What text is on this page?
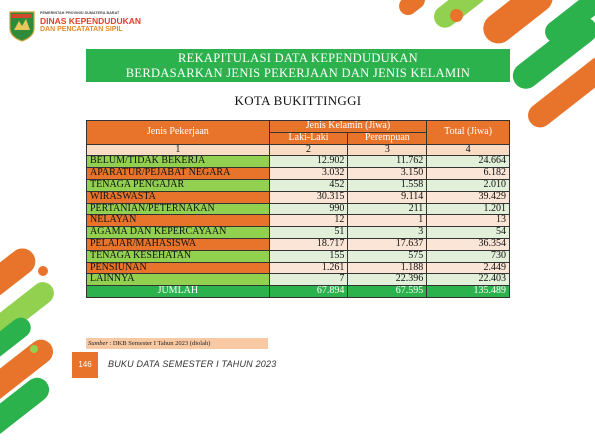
PEMERINTAH PROVINSI SUMATERA BARAT
DINAS KEPENDUDUKAN
DAN PENCATATAN SIPIL
REKAPITULASI DATA KEPENDUDUKAN
BERDASARKAN JENIS PEKERJAAN DAN JENIS KELAMIN
KOTA BUKITTINGGI
Jenis Pekerjaan	Jenis Kelamin (Jiwa)		Total (Jiwa)
	Laki-Laki	Perempuan	
1	2	3	4
BELUM/TIDAK BEKERJA	12.902	11.762	24.664
APARATUR/PEJABAT NEGARA	3.032	3.150	6.182
TENAGA PENGAJAR	452	1.558	2.010
WIRASWASTA	30.315	9.114	39.429
PERTANIAN/PETERNAKAN	990	211	1.201
NELAYAN	12	1	13
AGAMA DAN KEPERCAYAAN	51	3	54
PELAJAR/MAHASISWA	18.717	17.637	36.354
TENAGA KESEHATAN	155	575	730
PENSIUNAN	1.261	1.188	2.449
LAINNYA	7	22.396	22.403
JUMLAH	67.894	67.595	135.489
Sumber : DKB Semester I Tahun 2023 (diolah)
146	BUKU DATA SEMESTER I TAHUN 2023
